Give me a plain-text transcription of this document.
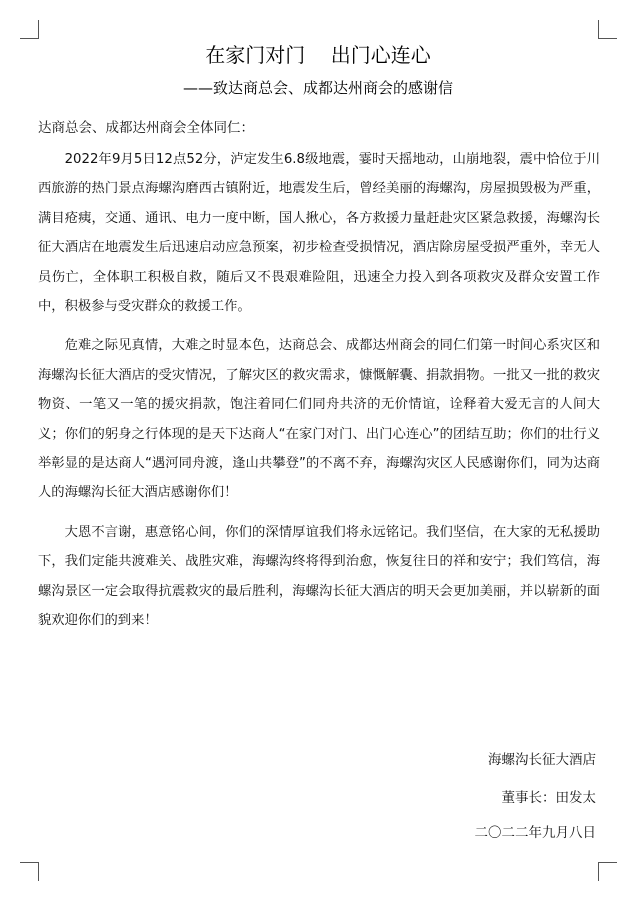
在家门对门    出门心连心
——致达商总会、成都达州商会的感谢信
达商总会、成都达州商会全体同仁：

2022年9月5日12点52分，泸定发生6.8级地震，霎时天摇地动，山崩地裂，震中恰位于川西旅游的热门景点海螺沟磨西古镇附近，地震发生后，曾经美丽的海螺沟，房屋损毁极为严重，满目疮痍，交通、通讯、电力一度中断，国人揪心，各方救援力量赶赴灾区紧急救援，海螺沟长征大酒店在地震发生后迅速启动应急预案，初步检查受损情况，酒店除房屋受损严重外，幸无人员伤亡，全体职工积极自救，随后又不畏艰难险阻，迅速全力投入到各项救灾及群众安置工作中，积极参与受灾群众的救援工作。

危难之际见真情，大难之时显本色，达商总会、成都达州商会的同仁们第一时间心系灾区和海螺沟长征大酒店的受灾情况，了解灾区的救灾需求，慷慨解囊、捐款捐物。一批又一批的救灾物资、一笔又一笔的援灾捐款，饱注着同仁们同舟共济的无价情谊，诠释着大爱无言的人间大义；你们的躬身之行体现的是天下达商人“在家门对门、出门心连心”的团结互助；你们的壮行义举彰显的是达商人“遇河同舟渡，逢山共攀登”的不离不弃，海螺沟灾区人民感谢你们，同为达商人的海螺沟长征大酒店感谢你们！

大恩不言谢，惠意铭心间，你们的深情厚谊我们将永远铭记。我们坚信，在大家的无私援助下，我们定能共渡难关、战胜灾难，海螺沟终将得到治愈，恢复往日的祥和安宁；我们笃信，海螺沟景区一定会取得抗震救灾的最后胜利，海螺沟长征大酒店的明天会更加美丽，并以崭新的面貌欢迎你们的到来！

海螺沟长征大酒店
董事长：田发太
二〇二二年九月八日
